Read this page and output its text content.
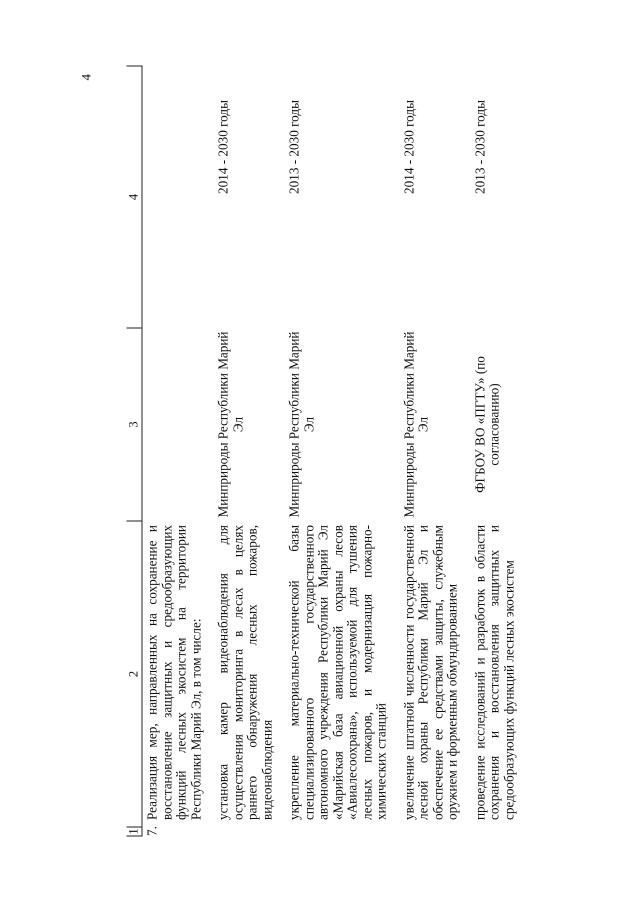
4
1	2	3	4
7.	Реализация мер, направленных на сохранение и восстановление защитных и средообразующих функций лесных экосистем на территории Республики Марий Эл, в том числе:		
	установка камер видеонаблюдения для осуществления мониторинга в лесах в целях раннего обнаружения лесных пожаров, видеонаблюдения	Минприроды Республики Марий Эл	2014 - 2030 годы
	укрепление материально-технической базы специализированного государственного автономного учреждения Республики Марий Эл «Марийская база авиационной охраны лесов «Авиалесоохрана», используемой для тушения лесных пожаров, и модернизация пожарно-химических станций	Минприроды Республики Марий Эл	2013 - 2030 годы
	увеличение штатной численности государственной лесной охраны Республики Марий Эл и обеспечение ее средствами защиты, служебным оружием и форменным обмундированием	Минприроды Республики Марий Эл	2014 - 2030 годы
	проведение исследований и разработок в области сохранения и восстановления защитных и средообразующих функций лесных экосистем	ФГБОУ ВО «ПГТУ» (по согласованию)	2013 - 2030 годы
